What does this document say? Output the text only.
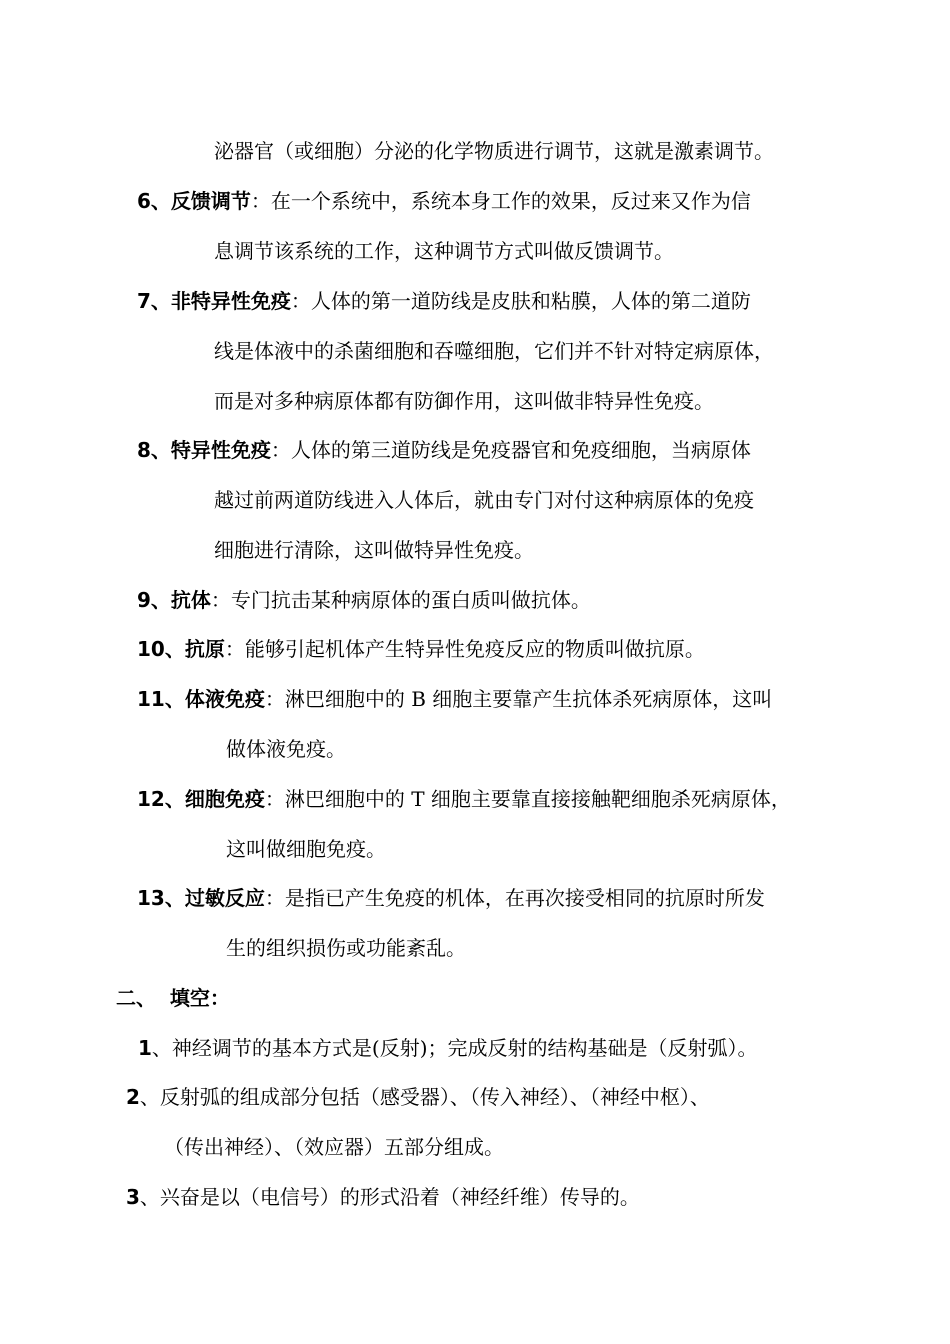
泌器官（或细胞）分泌的化学物质进行调节，这就是激素调节。
6、反馈调节：在一个系统中，系统本身工作的效果，反过来又作为信
息调节该系统的工作，这种调节方式叫做反馈调节。
7、非特异性免疫：人体的第一道防线是皮肤和粘膜，人体的第二道防
线是体液中的杀菌细胞和吞噬细胞，它们并不针对特定病原体，
而是对多种病原体都有防御作用，这叫做非特异性免疫。
8、特异性免疫：人体的第三道防线是免疫器官和免疫细胞，当病原体
越过前两道防线进入人体后，就由专门对付这种病原体的免疫
细胞进行清除，这叫做特异性免疫。
9、抗体：专门抗击某种病原体的蛋白质叫做抗体。
10、抗原：能够引起机体产生特异性免疫反应的物质叫做抗原。
11、体液免疫：淋巴细胞中的 B 细胞主要靠产生抗体杀死病原体，这叫
做体液免疫。
12、细胞免疫：淋巴细胞中的 T 细胞主要靠直接接触靶细胞杀死病原体，
这叫做细胞免疫。
13、过敏反应：是指已产生免疫的机体，在再次接受相同的抗原时所发
生的组织损伤或功能紊乱。
二、  填空：
1、神经调节的基本方式是(反射)；完成反射的结构基础是（反射弧）。
2、反射弧的组成部分包括（感受器）、（传入神经）、（神经中枢）、
（传出神经）、（效应器）五部分组成。
3、兴奋是以（电信号）的形式沿着（神经纤维）传导的。
